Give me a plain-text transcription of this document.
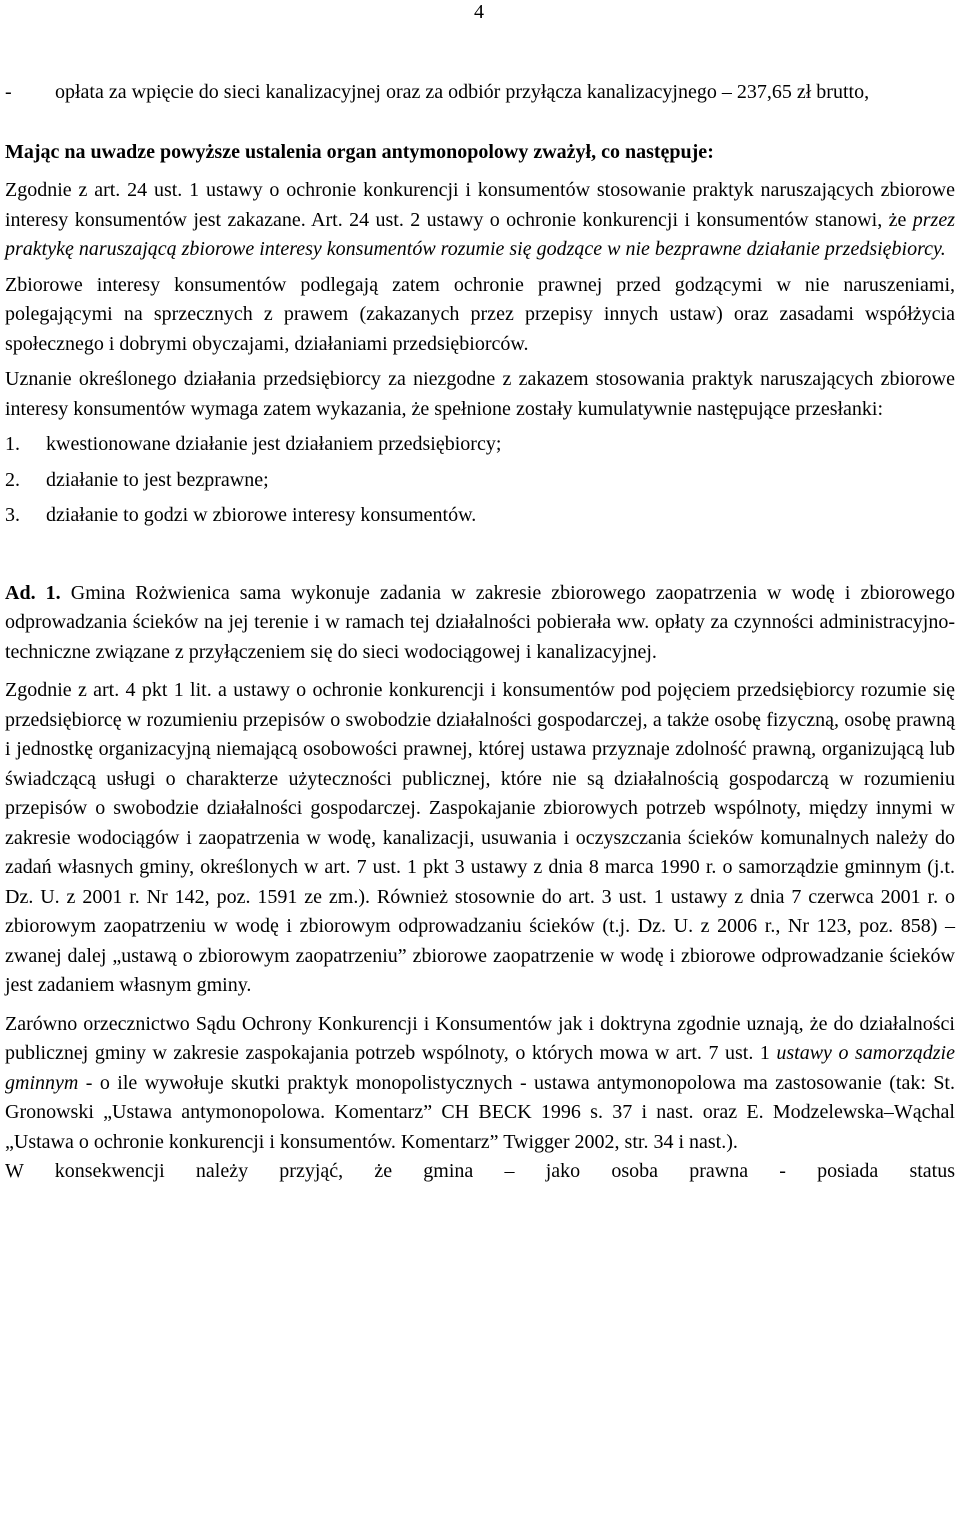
4
-	opłata za wpięcie do sieci kanalizacyjnej oraz za odbiór przyłącza kanalizacyjnego – 237,65 zł brutto,

Mając na uwadze powyższe ustalenia organ antymonopolowy zważył, co następuje:

Zgodnie z art. 24 ust. 1 ustawy o ochronie konkurencji i konsumentów stosowanie praktyk naruszających zbiorowe interesy konsumentów jest zakazane. Art. 24 ust. 2 ustawy o ochronie konkurencji i konsumentów stanowi, że przez praktykę naruszającą zbiorowe interesy konsumentów rozumie się godzące w nie bezprawne działanie przedsiębiorcy.

Zbiorowe interesy konsumentów podlegają zatem ochronie prawnej przed godzącymi w nie naruszeniami, polegającymi na sprzecznych z prawem (zakazanych przez przepisy innych ustaw) oraz zasadami współżycia społecznego i dobrymi obyczajami, działaniami przedsiębiorców.

Uznanie określonego działania przedsiębiorcy za niezgodne z zakazem stosowania praktyk naruszających zbiorowe interesy konsumentów wymaga zatem wykazania, że spełnione zostały kumulatywnie następujące przesłanki:

1.	kwestionowane działanie jest działaniem przedsiębiorcy;
2.	działanie to jest bezprawne;
3.	działanie to godzi w zbiorowe interesy konsumentów.

Ad. 1. Gmina Rożwienica sama wykonuje zadania w zakresie zbiorowego zaopatrzenia w wodę i zbiorowego odprowadzania ścieków na jej terenie i w ramach tej działalności pobierała ww. opłaty za czynności administracyjno- techniczne związane z przyłączeniem się do sieci wodociągowej i kanalizacyjnej.

Zgodnie z art. 4 pkt 1 lit. a ustawy o ochronie konkurencji i konsumentów pod pojęciem przedsiębiorcy rozumie się przedsiębiorcę w rozumieniu przepisów o swobodzie działalności gospodarczej, a także osobę fizyczną, osobę prawną i jednostkę organizacyjną niemającą osobowości prawnej, której ustawa przyznaje zdolność prawną, organizującą lub świadczącą usługi o charakterze użyteczności publicznej, które nie są działalnością gospodarczą w rozumieniu przepisów o swobodzie działalności gospodarczej. Zaspokajanie zbiorowych potrzeb wspólnoty, między innymi w zakresie wodociągów i zaopatrzenia w wodę, kanalizacji, usuwania i oczyszczania ścieków komunalnych należy do zadań własnych gminy, określonych w art. 7 ust. 1 pkt 3 ustawy z dnia 8 marca 1990 r. o samorządzie gminnym (j.t. Dz. U. z 2001 r. Nr 142, poz. 1591 ze zm.). Również stosownie do art. 3 ust. 1 ustawy z dnia 7 czerwca 2001 r. o zbiorowym zaopatrzeniu w wodę i zbiorowym odprowadzaniu ścieków (t.j. Dz. U. z 2006 r., Nr 123, poz. 858) – zwanej dalej „ustawą o zbiorowym zaopatrzeniu” zbiorowe zaopatrzenie w wodę i zbiorowe odprowadzanie ścieków jest zadaniem własnym gminy.

Zarówno orzecznictwo Sądu Ochrony Konkurencji i Konsumentów jak i doktryna zgodnie uznają, że do działalności publicznej gminy w zakresie zaspokajania potrzeb wspólnoty, o których mowa w art. 7 ust. 1 ustawy o samorządzie gminnym - o ile wywołuje skutki praktyk monopolistycznych - ustawa antymonopolowa ma zastosowanie (tak: St. Gronowski „Ustawa antymonopolowa. Komentarz” CH BECK 1996 s. 37 i nast. oraz E. Modzelewska–Wąchal „Ustawa o ochronie konkurencji i konsumentów. Komentarz” Twigger 2002, str. 34 i nast.).

W konsekwencji należy przyjąć, że gmina – jako osoba prawna - posiada status
